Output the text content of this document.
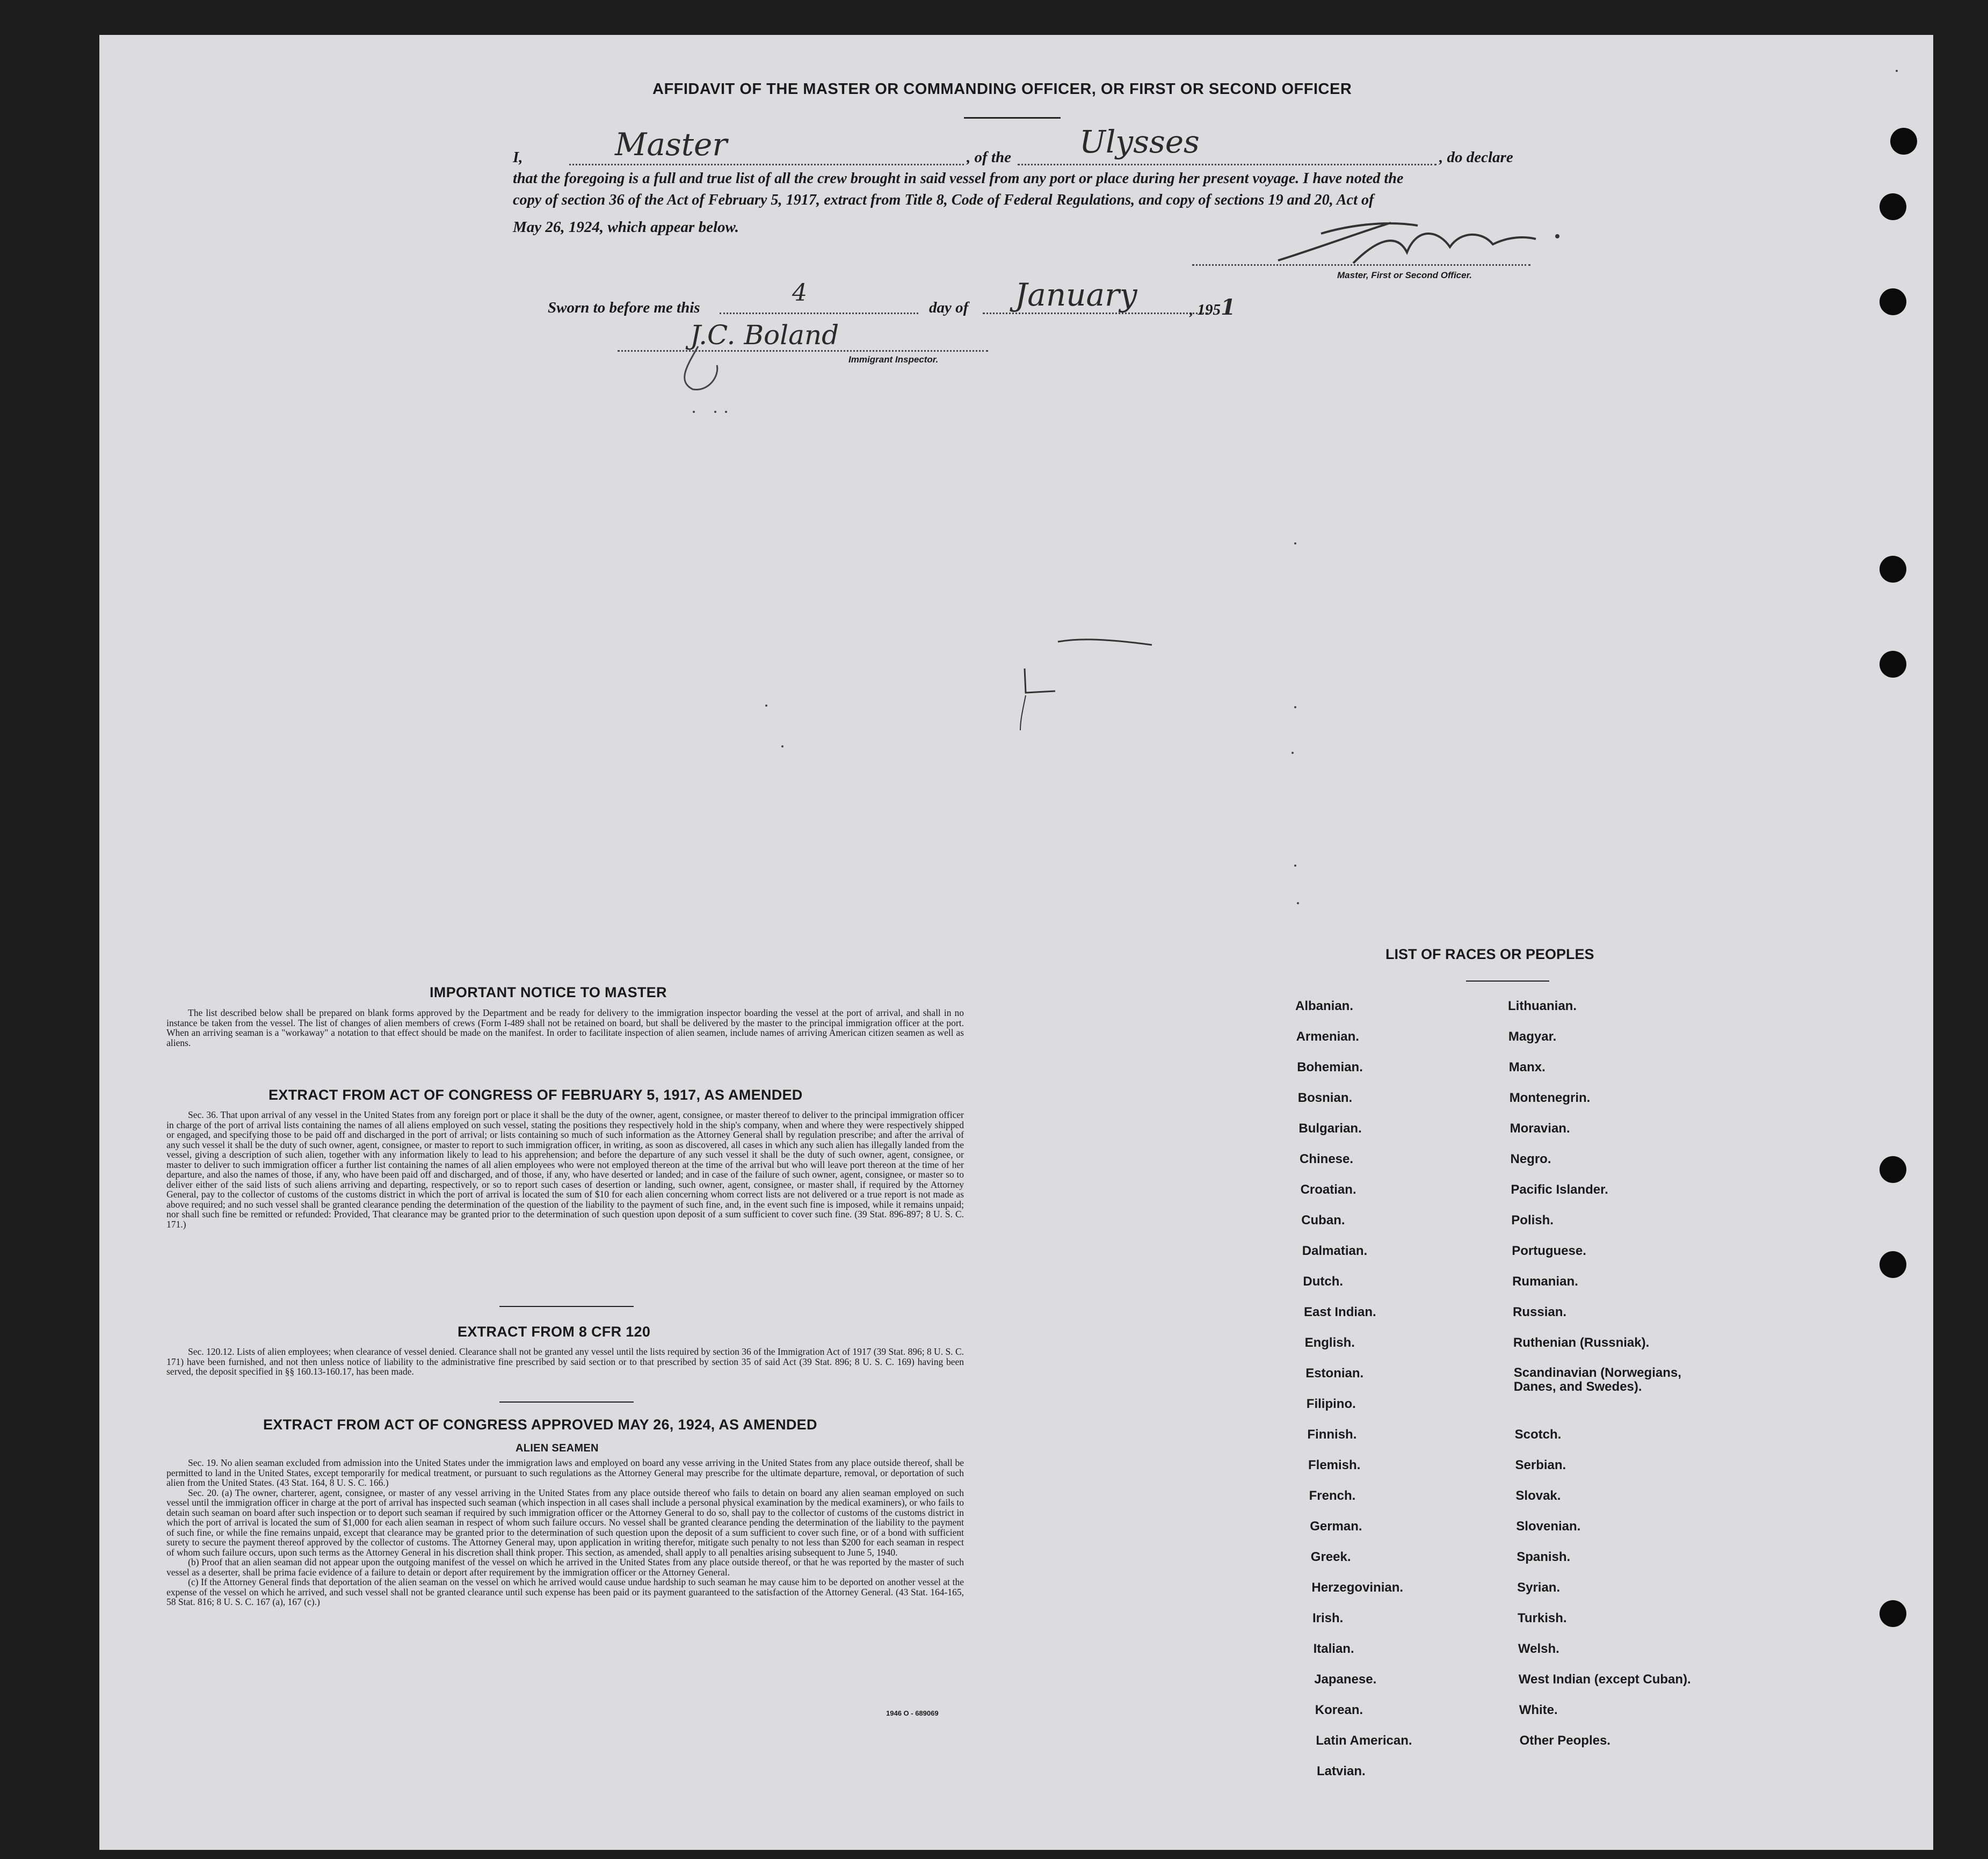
AFFIDAVIT OF THE MASTER OR COMMANDING OFFICER, OR FIRST OR SECOND OFFICER
I,	Master	, of the Ulysses	, do declare
that the foregoing is a full and true list of all the crew brought in said vessel from any port or place during her present voyage. I have noted the
copy of section 36 of the Act of February 5, 1917, extract from Title 8, Code of Federal Regulations, and copy of sections 19 and 20, Act of
May 26, 1924, which appear below.
Master, First or Second Officer.
Sworn to before me this
4
day of January	, 1951
J.C. Boland
Immigrant Inspector.
IMPORTANT NOTICE TO MASTER
The list described below shall be prepared on blank forms approved by the Department and be ready for delivery to the immigration inspector boarding the vessel at the port of arrival, and shall in no instance be taken from the vessel. The list of changes of alien members of crews (Form I-489 shall not be retained on board, but shall be delivered by the master to the principal immigration officer at the port. When an arriving seaman is a "workaway" a notation to that effect should be made on the manifest. In order to facilitate inspection of alien seamen, include names of arriving American citizen seamen as well as aliens.
EXTRACT FROM ACT OF CONGRESS OF FEBRUARY 5, 1917, AS AMENDED
Sec. 36. That upon arrival of any vessel in the United States from any foreign port or place it shall be the duty of the owner, agent, consignee, or master thereof to deliver to the principal immigration officer in charge of the port of arrival lists containing the names of all aliens employed on such vessel, stating the positions they respectively hold in the ship's company, when and where they were respectively shipped or engaged, and specifying those to be paid off and discharged in the port of arrival; or lists containing so much of such information as the Attorney General shall by regulation prescribe; and after the arrival of any such vessel it shall be the duty of such owner, agent, consignee, or master to report to such immigration officer, in writing, as soon as discovered, all cases in which any such alien has illegally landed from the vessel, giving a description of such alien, together with any information likely to lead to his apprehension; and before the departure of any such vessel it shall be the duty of such owner, agent, consignee, or master to deliver to such immigration officer a further list containing the names of all alien employees who were not employed thereon at the time of the arrival but who will leave port thereon at the time of her departure, and also the names of those, if any, who have been paid off and discharged, and of those, if any, who have deserted or landed; and in case of the failure of such owner, agent, consignee, or master so to deliver either of the said lists of such aliens arriving and departing, respectively, or so to report such cases of desertion or landing, such owner, agent, consignee, or master shall, if required by the Attorney General, pay to the collector of customs of the customs district in which the port of arrival is located the sum of $10 for each alien concerning whom correct lists are not delivered or a true report is not made as above required; and no such vessel shall be granted clearance pending the determination of the question of the liability to the payment of such fine, and, in the event such fine is imposed, while it remains unpaid; nor shall such fine be remitted or refunded: Provided, That clearance may be granted prior to the determination of such question upon deposit of a sum sufficient to cover such fine. (39 Stat. 896-897; 8 U. S. C. 171.)
EXTRACT FROM 8 CFR 120
Sec. 120.12. Lists of alien employees; when clearance of vessel denied. Clearance shall not be granted any vessel until the lists required by section 36 of the Immigration Act of 1917 (39 Stat. 896; 8 U. S. C. 171) have been furnished, and not then unless notice of liability to the administrative fine prescribed by said section or to that prescribed by section 35 of said Act (39 Stat. 896; 8 U. S. C. 169) having been served, the deposit specified in §§ 160.13-160.17, has been made.
EXTRACT FROM ACT OF CONGRESS APPROVED MAY 26, 1924, AS AMENDED
ALIEN SEAMEN

Sec. 19. No alien seaman excluded from admission into the United States under the immigration laws and employed on board any vesse arriving in the United States from any place outside thereof, shall be permitted to land in the United States, except temporarily for medical treatment, or pursuant to such regulations as the Attorney General may prescribe for the ultimate departure, removal, or deportation of such alien from the United States. (43 Stat. 164, 8 U. S. C. 166.)

Sec. 20. (a) The owner, charterer, agent, consignee, or master of any vessel arriving in the United States from any place outside thereof who fails to detain on board any alien seaman employed on such vessel until the immigration officer in charge at the port of arrival has inspected such seaman (which inspection in all cases shall include a personal physical examination by the medical examiners), or who fails to detain such seaman on board after such inspection or to deport such seaman if required by such immigration officer or the Attorney General to do so, shall pay to the collector of customs of the customs district in which the port of arrival is located the sum of $1,000 for each alien seaman in respect of whom such failure occurs. No vessel shall be granted clearance pending the determination of the liability to the payment of such fine, or while the fine remains unpaid, except that clearance may be granted prior to the determination of such question upon the deposit of a sum sufficient to cover such fine, or of a bond with sufficient surety to secure the payment thereof approved by the collector of customs. The Attorney General may, upon application in writing therefor, mitigate such penalty to not less than $200 for each seaman in respect of whom such failure occurs, upon such terms as the Attorney General in his discretion shall think proper. This section, as amended, shall apply to all penalties arising subsequent to June 5, 1940.

(b) Proof that an alien seaman did not appear upon the outgoing manifest of the vessel on which he arrived in the United States from any place outside thereof, or that he was reported by the master of such vessel as a deserter, shall be prima facie evidence of a failure to detain or deport after requirement by the immigration officer or the Attorney General.

(c) If the Attorney General finds that deportation of the alien seaman on the vessel on which he arrived would cause undue hardship to such seaman he may cause him to be deported on another vessel at the expense of the vessel on which he arrived, and such vessel shall not be granted clearance until such expense has been paid or its payment guaranteed to the satisfaction of the Attorney General. (43 Stat. 164-165, 58 Stat. 816; 8 U. S. C. 167 (a), 167 (c).)

1946 O - 689069
LIST OF RACES OR PEOPLES
Albanian.
Armenian.
Bohemian.
Bosnian.
Bulgarian.
Chinese.
Croatian.
Cuban.
Dalmatian.
Dutch.
East Indian.
English.
Estonian.
Filipino.
Finnish.
Flemish.
French.
German.
Greek.
Herzegovinian.
Irish.
Italian.
Japanese.
Korean.
Latin American.
Latvian.
Lithuanian.
Magyar.
Manx.
Montenegrin.
Moravian.
Negro.
Pacific Islander.
Polish.
Portuguese.
Rumanian.
Russian.
Ruthenian (Russniak).
Scandinavian (Norwegians, Danes, and Swedes).
Scotch.
Serbian.
Slovak.
Slovenian.
Spanish.
Syrian.
Turkish.
Welsh.
West Indian (except Cuban).
White.
Other Peoples.
